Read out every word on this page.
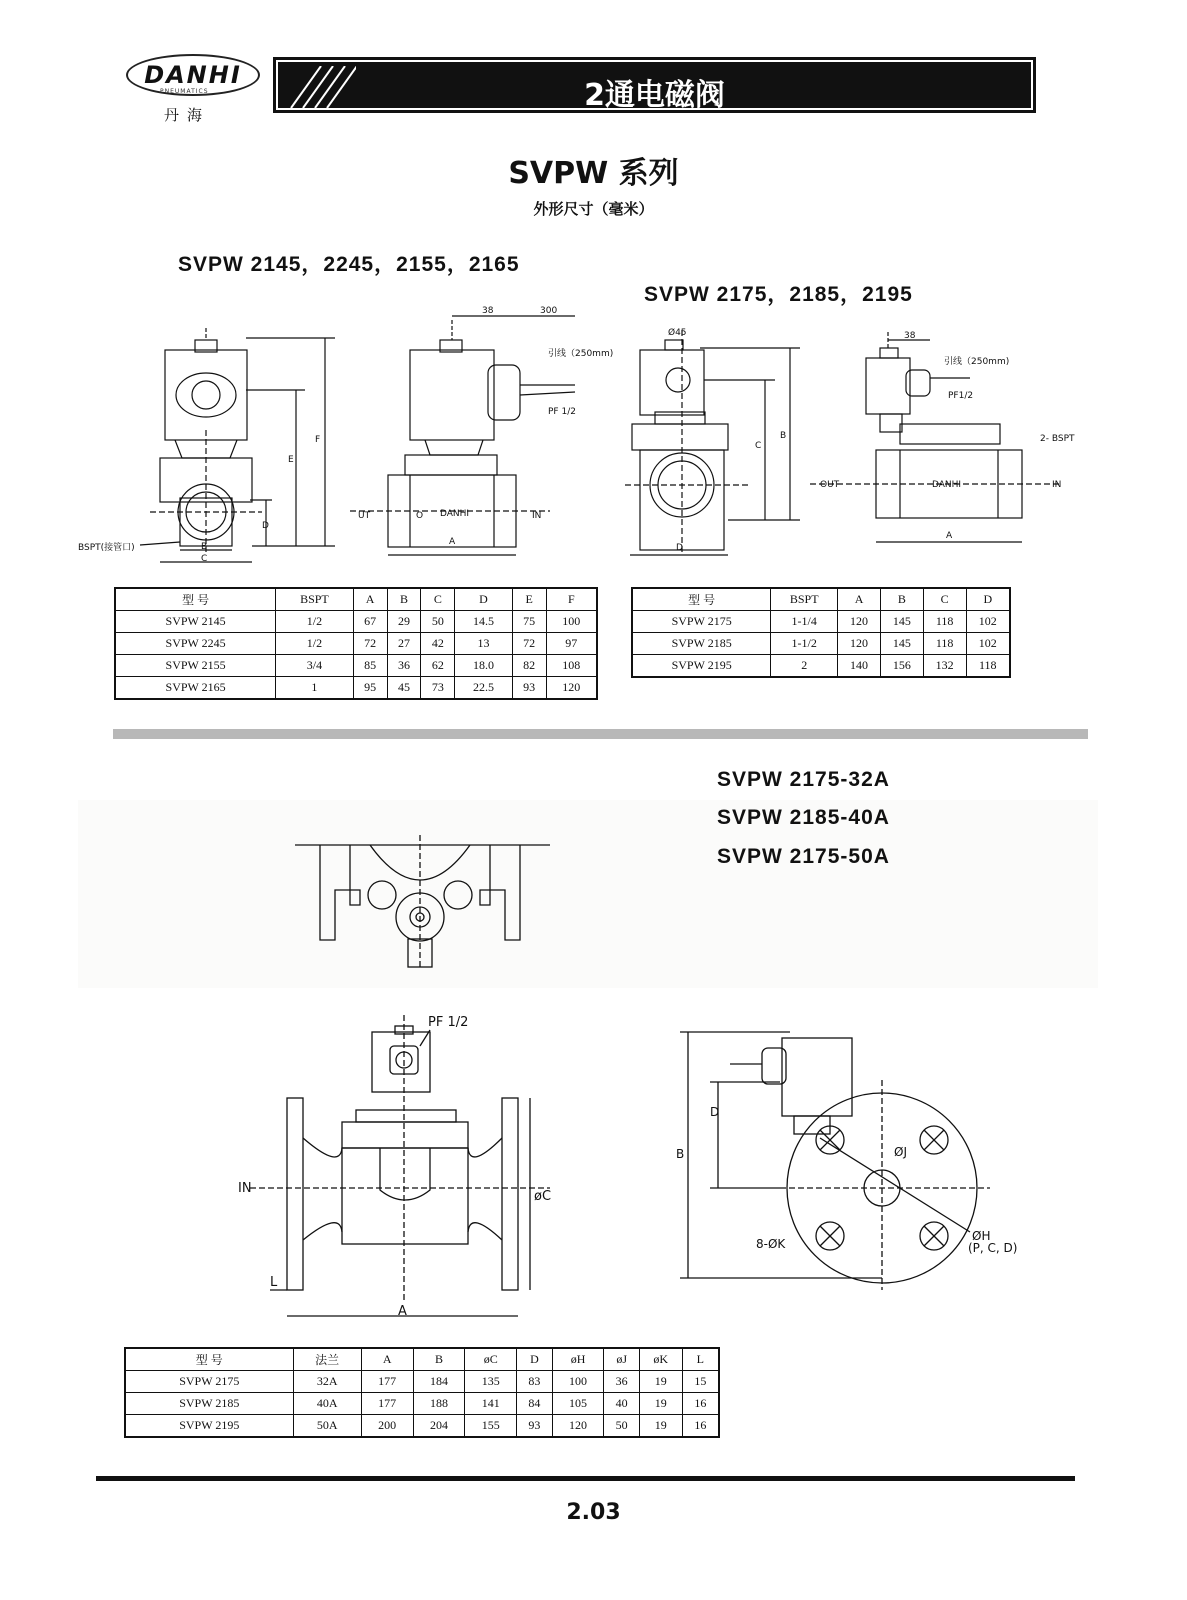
DANHI
PNEUMATICS
丹海
2通电磁阀
SVPW 系列
外形尺寸（毫米）
SVPW 2145，2245，2155，2165
SVPW 2175，2185，2195
BSPT(接管口)	B
C
D
E
F
38	300
引线（250mm)
PF 1/2
UT	O DANHI	IN
A
Ø45
C
B
D
38
引线（250mm)
PF1/2
2- BSPT
OUT	DANHI	IN
A
型 号	BSPT	A	B	C	D	E	F
SVPW 2145	1/2	67	29	50	14.5	75	100
SVPW 2245	1/2	72	27	42	13	72	97
SVPW 2155	3/4	85	36	62	18.0	82	108
SVPW 2165	1	95	45	73	22.5	93	120
型 号	BSPT	A	B	C	D
SVPW 2175	1-1/4	120	145	118	102
SVPW 2185	1-1/2	120	145	118	102
SVPW 2195	2	140	156	132	118
SVPW 2175-32A
SVPW 2185-40A
SVPW 2175-50A
PF 1/2
IN
øC
L
A
D
B	ØJ
ØH
(P, C, D)
8-ØK
型 号	法兰	A	B	øC	D	øH	øJ	øK	L
SVPW 2175	32A	177	184	135	83	100	36	19	15
SVPW 2185	40A	177	188	141	84	105	40	19	16
SVPW 2195	50A	200	204	155	93	120	50	19	16
2.03
